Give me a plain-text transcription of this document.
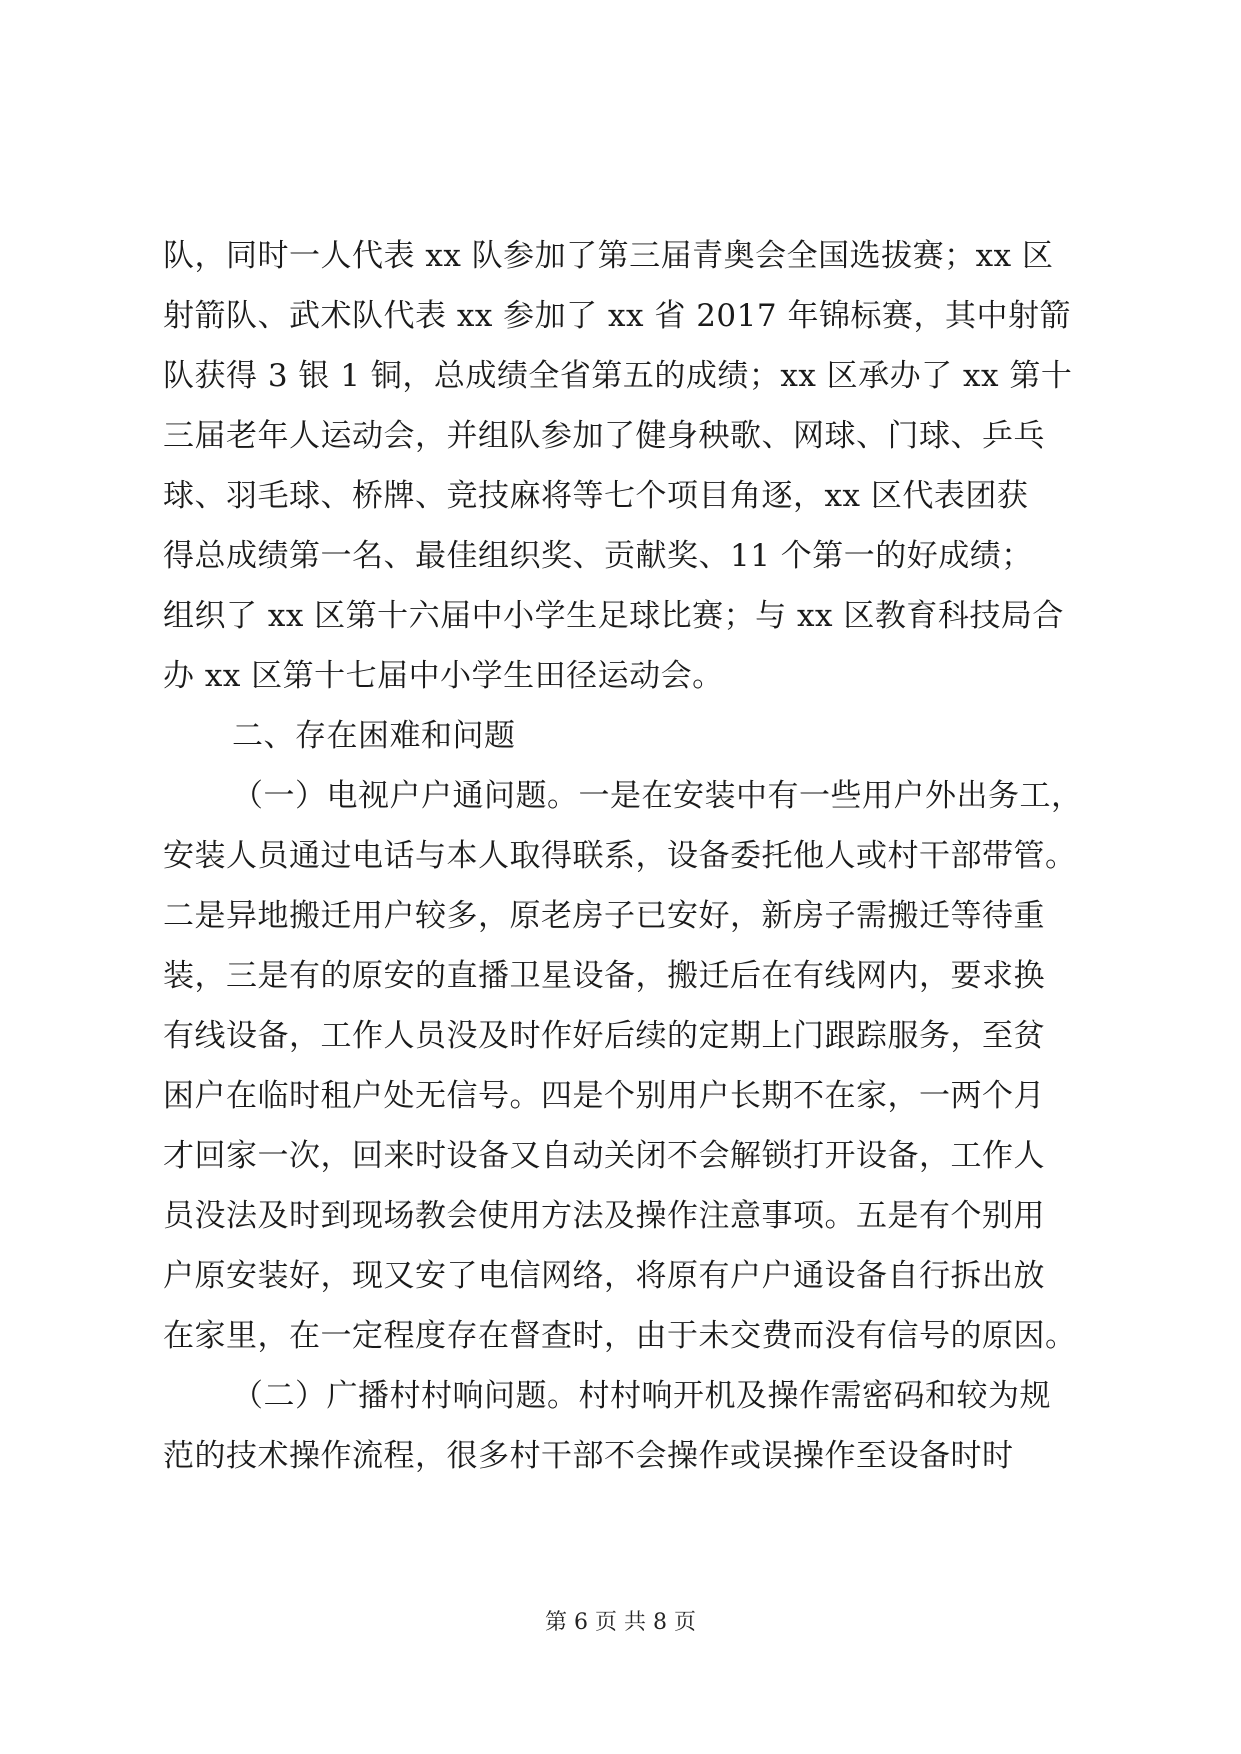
队，同时一人代表 xx 队参加了第三届青奥会全国选拔赛；xx 区
射箭队、武术队代表 xx 参加了 xx 省 2017 年锦标赛，其中射箭
队获得 3 银 1 铜，总成绩全省第五的成绩；xx 区承办了 xx 第十
三届老年人运动会，并组队参加了健身秧歌、网球、门球、乒乓
球、羽毛球、桥牌、竞技麻将等七个项目角逐，xx 区代表团获
得总成绩第一名、最佳组织奖、贡献奖、11 个第一的好成绩；
组织了 xx 区第十六届中小学生足球比赛；与 xx 区教育科技局合
办 xx 区第十七届中小学生田径运动会。
二、存在困难和问题
（一）电视户户通问题。一是在安装中有一些用户外出务工，
安装人员通过电话与本人取得联系，设备委托他人或村干部带管。
二是异地搬迁用户较多，原老房子已安好，新房子需搬迁等待重
装，三是有的原安的直播卫星设备，搬迁后在有线网内，要求换
有线设备，工作人员没及时作好后续的定期上门跟踪服务，至贫
困户在临时租户处无信号。四是个别用户长期不在家，一两个月
才回家一次，回来时设备又自动关闭不会解锁打开设备，工作人
员没法及时到现场教会使用方法及操作注意事项。五是有个别用
户原安装好，现又安了电信网络，将原有户户通设备自行拆出放
在家里，在一定程度存在督查时，由于未交费而没有信号的原因。
（二）广播村村响问题。村村响开机及操作需密码和较为规
范的技术操作流程，很多村干部不会操作或误操作至设备时时
第 6 页 共 8 页
